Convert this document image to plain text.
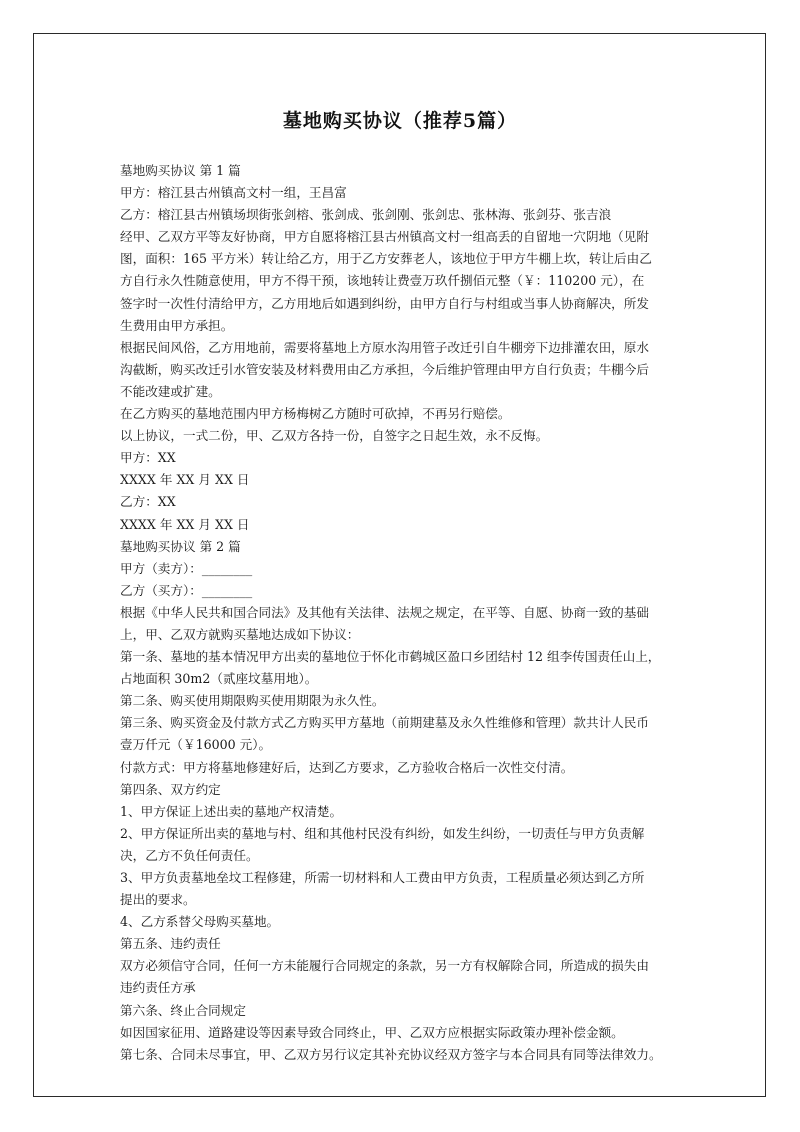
墓地购买协议（推荐5篇）
墓地购买协议 第 1 篇
甲方：榕江县古州镇高文村一组，王昌富
乙方：榕江县古州镇场坝街张剑榕、张剑成、张剑刚、张剑忠、张林海、张剑芬、张吉浪
经甲、乙双方平等友好协商，甲方自愿将榕江县古州镇高文村一组高丢的自留地一穴阴地（见附
图，面积：165 平方米）转让给乙方，用于乙方安葬老人，该地位于甲方牛棚上坎，转让后由乙
方自行永久性随意使用，甲方不得干预，该地转让费壹万玖仟捌佰元整（￥：110200 元），在
签字时一次性付清给甲方，乙方用地后如遇到纠纷，由甲方自行与村组或当事人协商解决，所发
生费用由甲方承担。
根据民间风俗，乙方用地前，需要将墓地上方原水沟用管子改迁引自牛棚旁下边排灌农田，原水
沟截断，购买改迁引水管安装及材料费用由乙方承担，今后维护管理由甲方自行负责；牛棚今后
不能改建或扩建。
在乙方购买的墓地范围内甲方杨梅树乙方随时可砍掉，不再另行赔偿。
以上协议，一式二份，甲、乙双方各持一份，自签字之日起生效，永不反悔。
甲方：XX
XXXX 年 XX 月 XX 日
乙方：XX
XXXX 年 XX 月 XX 日
墓地购买协议 第 2 篇
甲方（卖方）：________
乙方（买方）：________
根据《中华人民共和国合同法》及其他有关法律、法规之规定，在平等、自愿、协商一致的基础
上，甲、乙双方就购买墓地达成如下协议：
第一条、墓地的基本情况甲方出卖的墓地位于怀化市鹤城区盈口乡团结村 12 组李传国责任山上，
占地面积 30m2（贰座坟墓用地）。
第二条、购买使用期限购买使用期限为永久性。
第三条、购买资金及付款方式乙方购买甲方墓地（前期建墓及永久性维修和管理）款共计人民币
壹万仟元（￥16000 元）。
付款方式：甲方将墓地修建好后，达到乙方要求，乙方验收合格后一次性交付清。
第四条、双方约定
1、甲方保证上述出卖的墓地产权清楚。
2、甲方保证所出卖的墓地与村、组和其他村民没有纠纷，如发生纠纷，一切责任与甲方负责解
决，乙方不负任何责任。
3、甲方负责墓地垒坟工程修建，所需一切材料和人工费由甲方负责，工程质量必须达到乙方所
提出的要求。
4、乙方系替父母购买墓地。
第五条、违约责任
双方必须信守合同，任何一方未能履行合同规定的条款，另一方有权解除合同，所造成的损失由
违约责任方承
第六条、终止合同规定
如因国家征用、道路建设等因素导致合同终止，甲、乙双方应根据实际政策办理补偿金额。
第七条、合同未尽事宜，甲、乙双方另行议定其补充协议经双方签字与本合同具有同等法律效力。
